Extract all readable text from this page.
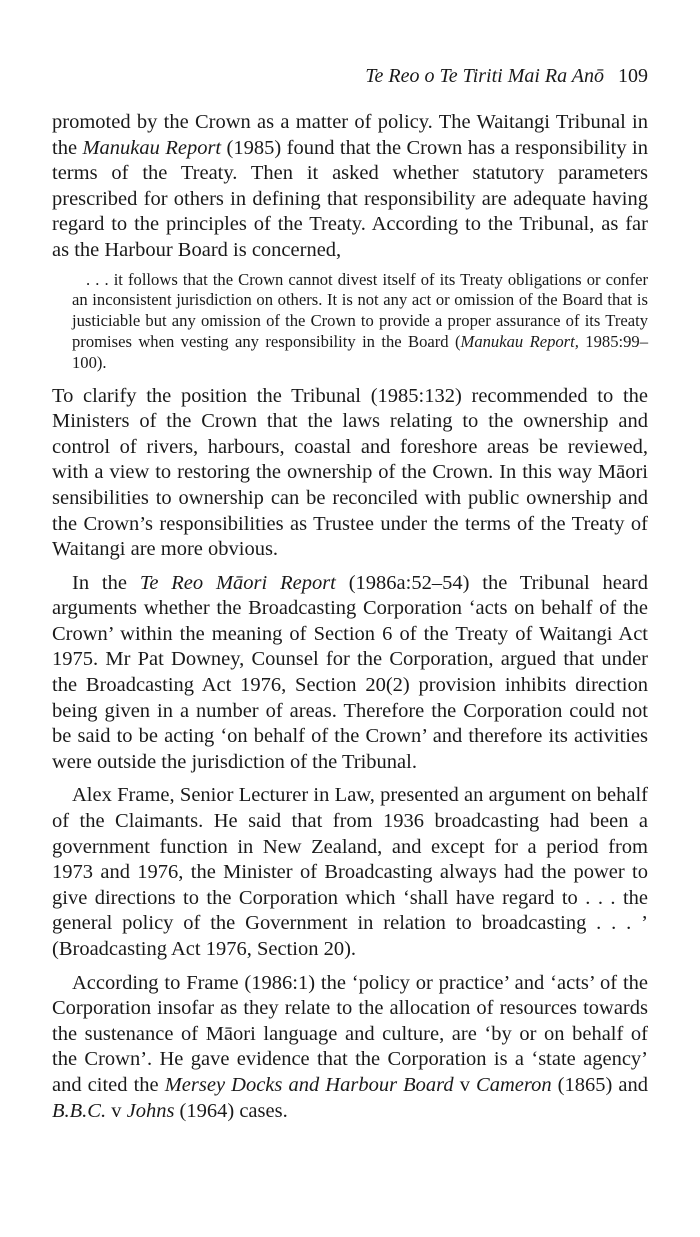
Te Reo o Te Tiriti Mai Ra Anō 109

promoted by the Crown as a matter of policy. The Waitangi Tribunal in the Manukau Report (1985) found that the Crown has a responsibility in terms of the Treaty. Then it asked whether statutory parameters prescribed for others in defining that responsibility are adequate having regard to the principles of the Treaty. According to the Tribunal, as far as the Harbour Board is concerned,

. . . it follows that the Crown cannot divest itself of its Treaty obligations or confer an inconsistent jurisdiction on others. It is not any act or omission of the Board that is justiciable but any omission of the Crown to provide a proper assurance of its Treaty promises when vesting any responsibility in the Board (Manukau Report, 1985:99–100).

To clarify the position the Tribunal (1985:132) recommended to the Ministers of the Crown that the laws relating to the ownership and control of rivers, harbours, coastal and foreshore areas be reviewed, with a view to restoring the ownership of the Crown. In this way Māori sensibilities to ownership can be reconciled with public ownership and the Crown’s responsibilities as Trustee under the terms of the Treaty of Waitangi are more obvious.

In the Te Reo Māori Report (1986a:52–54) the Tribunal heard arguments whether the Broadcasting Corporation ‘acts on behalf of the Crown’ within the meaning of Section 6 of the Treaty of Waitangi Act 1975. Mr Pat Downey, Counsel for the Corporation, argued that under the Broadcasting Act 1976, Section 20(2) provision inhibits direction being given in a number of areas. Therefore the Corporation could not be said to be acting ‘on behalf of the Crown’ and therefore its activities were outside the jurisdiction of the Tribunal.

Alex Frame, Senior Lecturer in Law, presented an argument on behalf of the Claimants. He said that from 1936 broadcasting had been a government function in New Zealand, and except for a period from 1973 and 1976, the Minister of Broadcasting always had the power to give directions to the Corporation which ‘shall have regard to . . . the general policy of the Government in relation to broadcasting . . . ’ (Broadcasting Act 1976, Section 20).

According to Frame (1986:1) the ‘policy or practice’ and ‘acts’ of the Corporation insofar as they relate to the allocation of resources towards the sustenance of Māori language and culture, are ‘by or on behalf of the Crown’. He gave evidence that the Corporation is a ‘state agency’ and cited the Mersey Docks and Harbour Board v Cameron (1865) and B.B.C. v Johns (1964) cases.
